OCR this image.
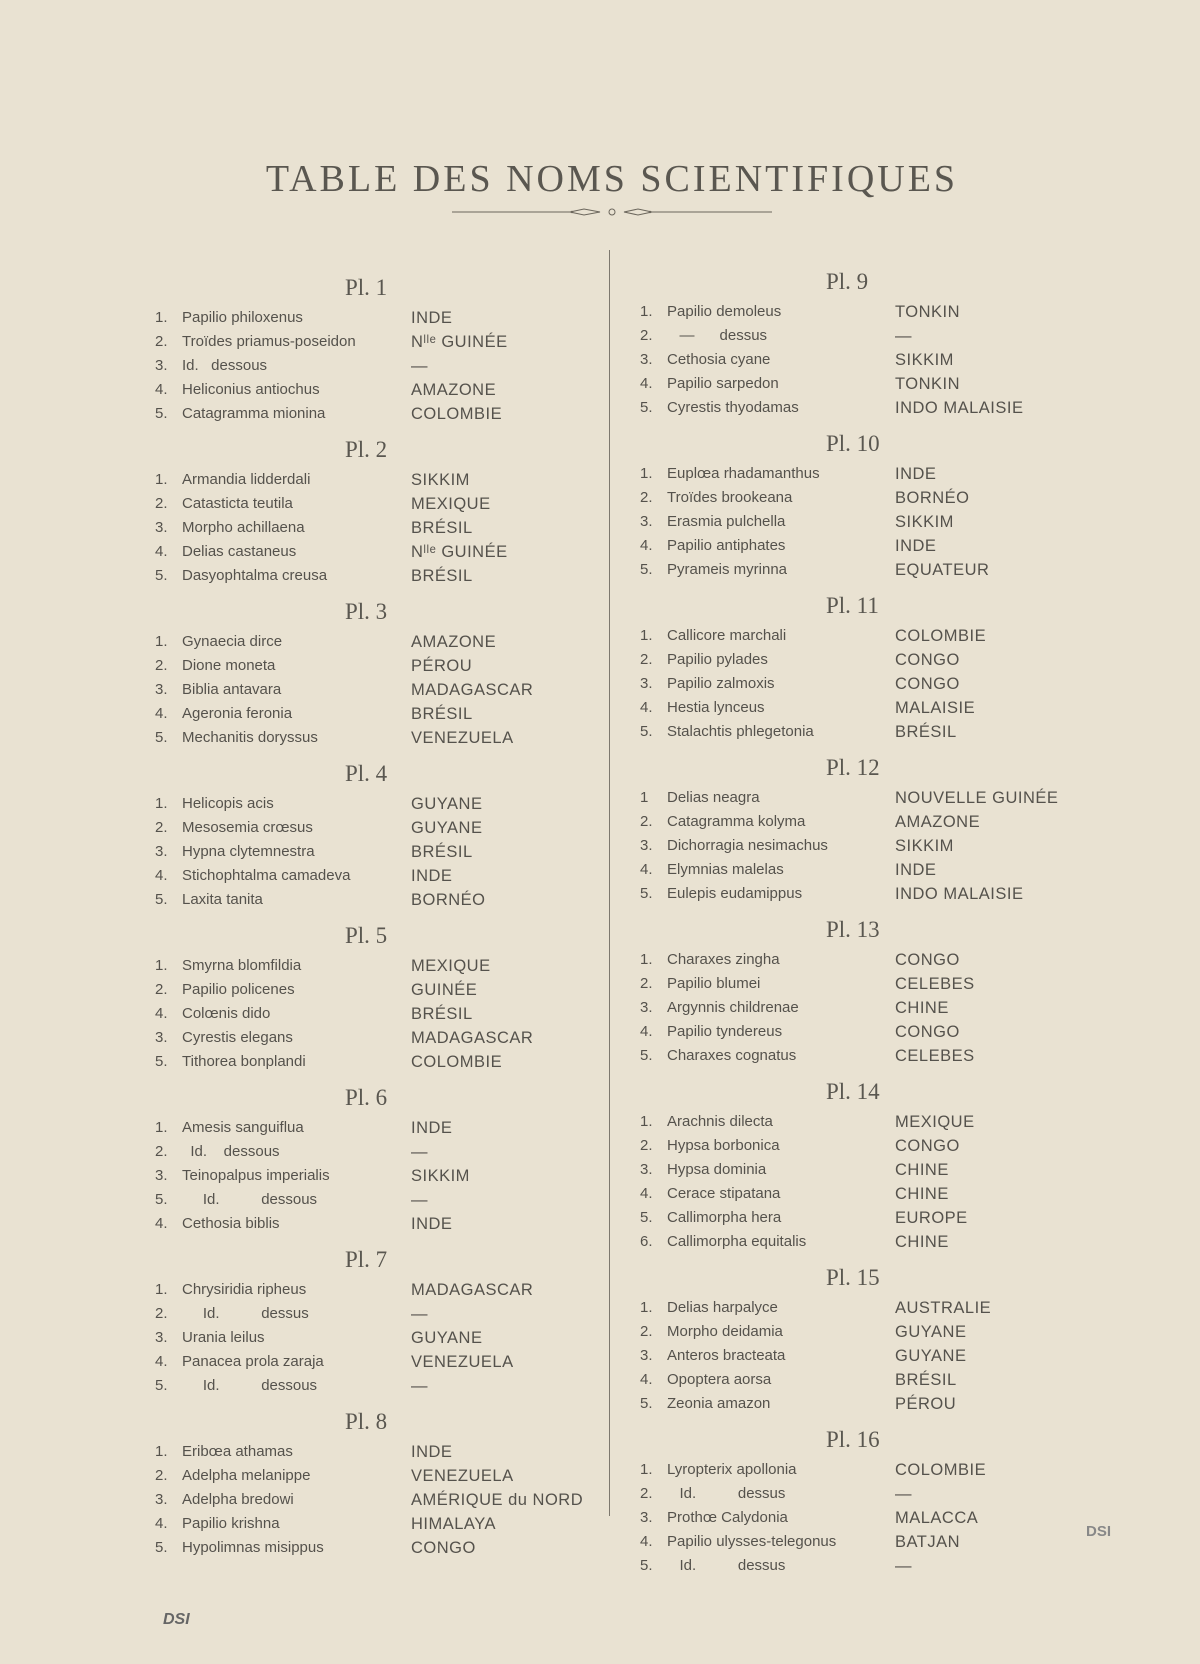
TABLE DES NOMS SCIENTIFIQUES
Pl. 1
1. Papilio philoxenus	INDE
2. Troïdes priamus-poseidon	Nˡˡᵉ GUINÉE
3. Id.   dessous	—
4. Heliconius antiochus	AMAZONE
5. Catagramma mionina	COLOMBIE
Pl. 2
1. Armandia lidderdali	SIKKIM
2. Catasticta teutila	MEXIQUE
3. Morpho achillaena	BRÉSIL
4. Delias castaneus	Nˡˡᵉ GUINÉE
5. Dasyophtalma creusa	BRÉSIL
Pl. 3
1. Gynaecia dirce	AMAZONE
2. Dione moneta	PÉROU
3. Biblia antavara	MADAGASCAR
4. Ageronia feronia	BRÉSIL
5. Mechanitis doryssus	VENEZUELA
Pl. 4
1. Helicopis acis	GUYANE
2. Mesosemia crœsus	GUYANE
3. Hypna clytemnestra	BRÉSIL
4. Stichophtalma camadeva	INDE
5. Laxita tanita	BORNÉO
Pl. 5
1. Smyrna blomfildia	MEXIQUE
2. Papilio policenes	GUINÉE
4. Colœnis dido	BRÉSIL
3. Cyrestis elegans	MADAGASCAR
5. Tithorea bonplandi	COLOMBIE
Pl. 6
1. Amesis sanguiflua	INDE
2. Id.    dessous	—
3. Teinopalpus imperialis	SIKKIM
5. Id.          dessous	—
4. Cethosia biblis	INDE
Pl. 7
1. Chrysiridia ripheus	MADAGASCAR
2. Id.          dessus	—
3. Urania leilus	GUYANE
4. Panacea prola zaraja	VENEZUELA
5. Id.          dessous	—
Pl. 8
1. Eribœa athamas	INDE
2. Adelpha melanippe	VENEZUELA
3. Adelpha bredowi	AMÉRIQUE du NORD
4. Papilio krishna	HIMALAYA
5. Hypolimnas misippus	CONGO
Pl. 9
1. Papilio demoleus	TONKIN
2. —      dessus	—
3. Cethosia cyane	SIKKIM
4. Papilio sarpedon	TONKIN
5. Cyrestis thyodamas	INDO MALAISIE
Pl. 10
1. Euplœa rhadamanthus	INDE
2. Troïdes brookeana	BORNÉO
3. Erasmia pulchella	SIKKIM
4. Papilio antiphates	INDE
5. Pyrameis myrinna	EQUATEUR
Pl. 11
1. Callicore marchali	COLOMBIE
2. Papilio pylades	CONGO
3. Papilio zalmoxis	CONGO
4. Hestia lynceus	MALAISIE
5. Stalachtis phlegetonia	BRÉSIL
Pl. 12
1 Delias neagra	NOUVELLE GUINÉE
2. Catagramma kolyma	AMAZONE
3. Dichorragia nesimachus	SIKKIM
4. Elymnias malelas	INDE
5. Eulepis eudamippus	INDO MALAISIE
Pl. 13
1. Charaxes zingha	CONGO
2. Papilio blumei	CELEBES
3. Argynnis childrenae	CHINE
4. Papilio tyndereus	CONGO
5. Charaxes cognatus	CELEBES
Pl. 14
1. Arachnis dilecta	MEXIQUE
2. Hypsa borbonica	CONGO
3. Hypsa dominia	CHINE
4. Cerace stipatana	CHINE
5. Callimorpha hera	EUROPE
6. Callimorpha equitalis	CHINE
Pl. 15
1. Delias harpalyce	AUSTRALIE
2. Morpho deidamia	GUYANE
3. Anteros bracteata	GUYANE
4. Opoptera aorsa	BRÉSIL
5. Zeonia amazon	PÉROU
Pl. 16
1. Lyropterix apollonia	COLOMBIE
2. Id.          dessus	—
3. Prothœ Calydonia	MALACCA
4. Papilio ulysses-telegonus	BATJAN
5. Id.          dessus	—
DSI
DSI
